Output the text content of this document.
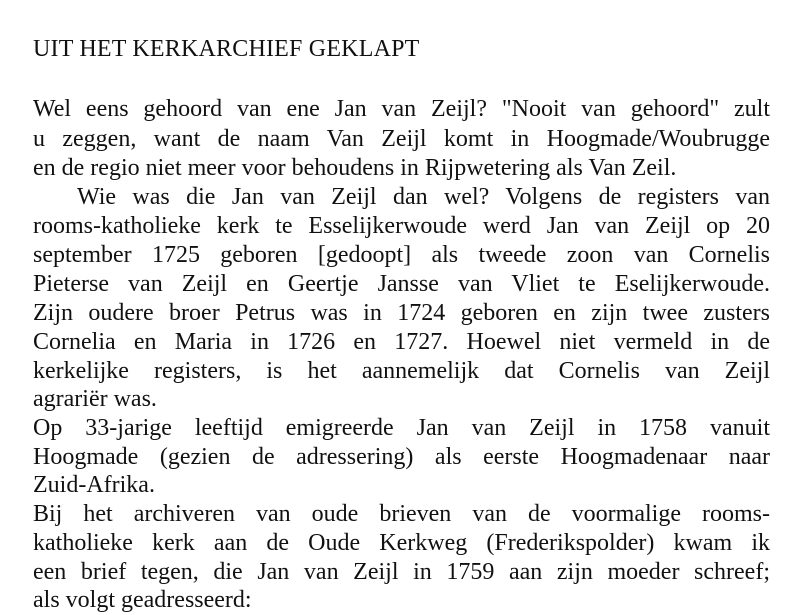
UIT HET KERKARCHIEF GEKLAPT
Wel eens gehoord van ene Jan van Zeijl? "Nooit van gehoord" zult
u zeggen, want de naam Van Zeijl komt in Hoogmade/Woubrugge
en de regio niet meer voor behoudens in Rijpwetering als Van Zeil.
Wie was die Jan van Zeijl dan wel? Volgens de registers van
rooms-katholieke kerk te Esselijkerwoude werd Jan van Zeijl op 20
september 1725 geboren [gedoopt] als tweede zoon van Cornelis
Pieterse van Zeijl en Geertje Jansse van Vliet te Eselijkerwoude.
Zijn oudere broer Petrus was in 1724 geboren en zijn twee zusters
Cornelia en Maria in 1726 en 1727. Hoewel niet vermeld in de
kerkelijke registers, is het aannemelijk dat Cornelis van Zeijl
agrariër was.
Op 33-jarige leeftijd emigreerde Jan van Zeijl in 1758 vanuit
Hoogmade (gezien de adressering) als eerste Hoogmadenaar naar
Zuid-Afrika.
Bij het archiveren van oude brieven van de voormalige rooms-
katholieke kerk aan de Oude Kerkweg (Frederikspolder) kwam ik
een brief tegen, die Jan van Zeijl in 1759 aan zijn moeder schreef;
als volgt geadresseerd:
